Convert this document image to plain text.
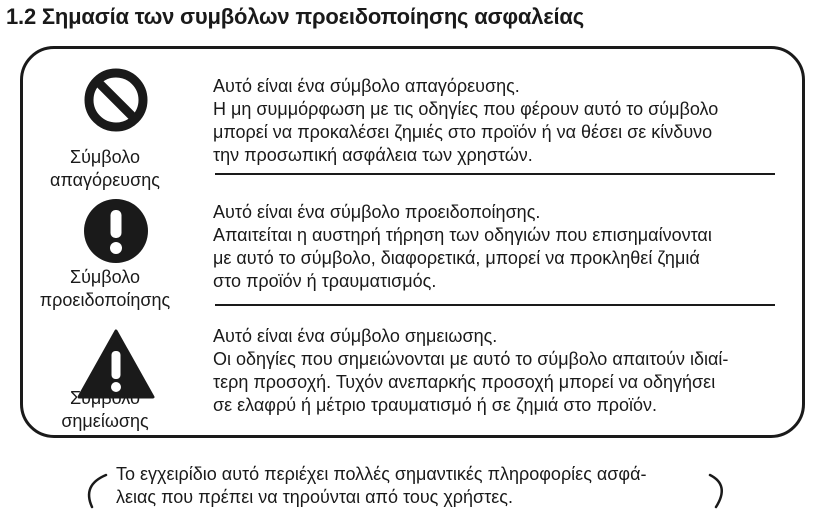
1.2 Σημασία των συμβόλων προειδοποίησης ασφαλείας
Σύμβολο
απαγόρευσης
Αυτό είναι ένα σύμβολο απαγόρευσης.
Η μη συμμόρφωση με τις οδηγίες που φέρουν αυτό το σύμβολο
μπορεί να προκαλέσει ζημιές στο προϊόν ή να θέσει σε κίνδυνο
την προσωπική ασφάλεια των χρηστών.
Σύμβολο
προειδοποίησης
Αυτό είναι ένα σύμβολο προειδοποίησης.
Απαιτείται η αυστηρή τήρηση των οδηγιών που επισημαίνονται
με αυτό το σύμβολο, διαφορετικά, μπορεί να προκληθεί ζημιά
στο προϊόν ή τραυματισμός.
Σύμβολο
σημείωσης
Αυτό είναι ένα σύμβολο σημειωσης.
Οι οδηγίες που σημειώνονται με αυτό το σύμβολο απαιτούν ιδιαί-
τερη προσοχή. Τυχόν ανεπαρκής προσοχή μπορεί να οδηγήσει
σε ελαφρύ ή μέτριο τραυματισμό ή σε ζημιά στο προϊόν.
Το εγχειρίδιο αυτό περιέχει πολλές σημαντικές πληροφορίες ασφά-
λειας που πρέπει να τηρούνται από τους χρήστες.
